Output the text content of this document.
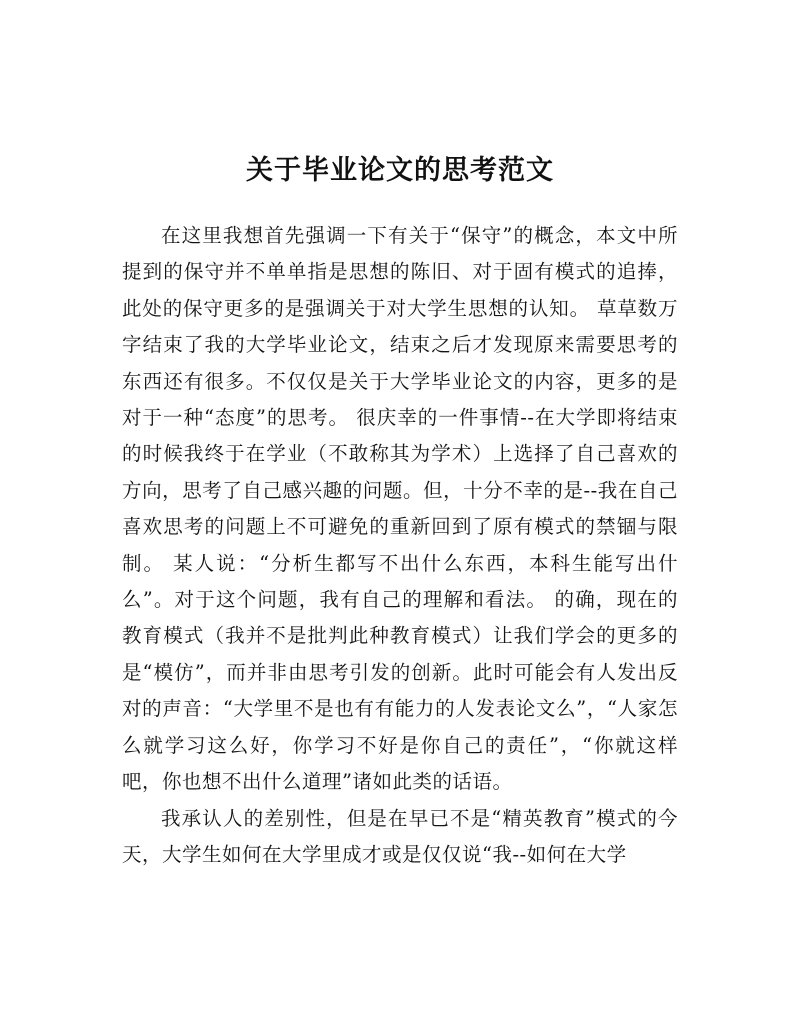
关于毕业论文的思考范文

在这里我想首先强调一下有关于“保守”的概念，本文中所提到的保守并不单单指是思想的陈旧、对于固有模式的追捧，此处的保守更多的是强调关于对大学生思想的认知。 草草数万字结束了我的大学毕业论文，结束之后才发现原来需要思考的东西还有很多。不仅仅是关于大学毕业论文的内容，更多的是对于一种“态度”的思考。 很庆幸的一件事情--在大学即将结束的时候我终于在学业（不敢称其为学术）上选择了自己喜欢的方向，思考了自己感兴趣的问题。但，十分不幸的是--我在自己喜欢思考的问题上不可避免的重新回到了原有模式的禁锢与限制。 某人说：“分析生都写不出什么东西，本科生能写出什么”。对于这个问题，我有自己的理解和看法。 的确，现在的教育模式（我并不是批判此种教育模式）让我们学会的更多的是“模仿”，而并非由思考引发的创新。此时可能会有人发出反对的声音：“大学里不是也有有能力的人发表论文么”，“人家怎么就学习这么好，你学习不好是你自己的责任”，“你就这样吧，你也想不出什么道理”诸如此类的话语。

我承认人的差别性，但是在早已不是“精英教育”模式的今天，大学生如何在大学里成才或是仅仅说“我--如何在大学
